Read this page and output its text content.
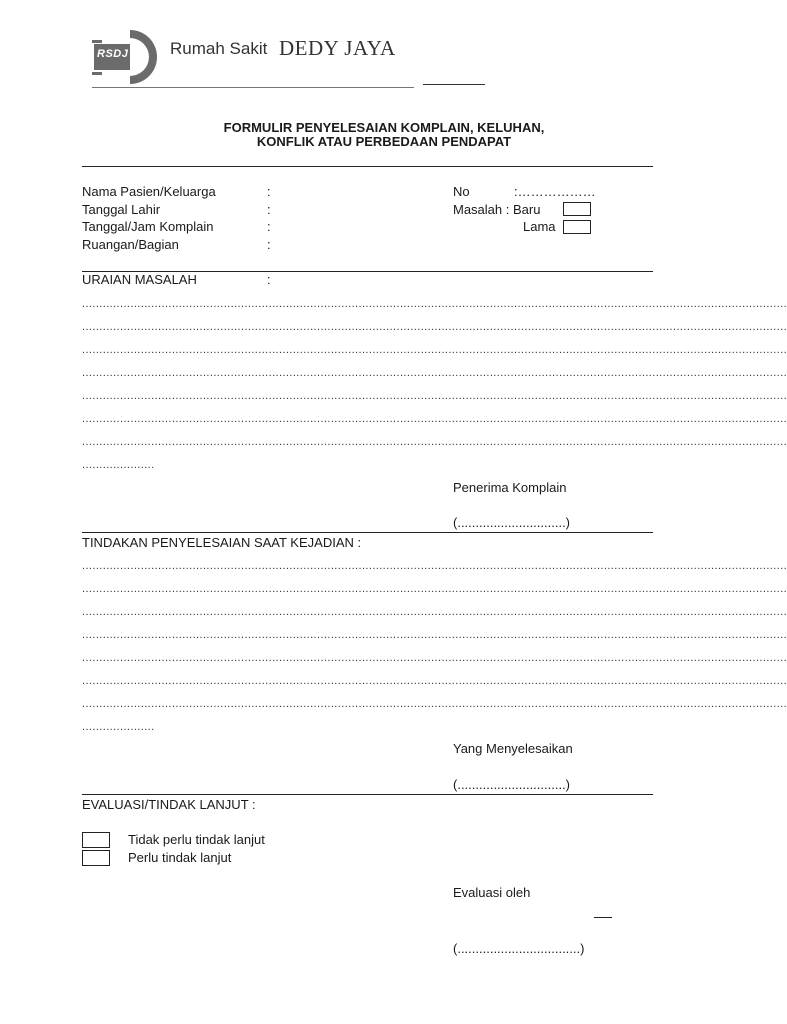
RSDJ Rumah Sakit DEDY JAYA
FORMULIR PENYELESAIAN KOMPLAIN, KELUHAN,
KONFLIK ATAU PERBEDAAN PENDAPAT
Nama Pasien/Keluarga	:
Tanggal Lahir	:
Tanggal/Jam Komplain	:
Ruangan/Bagian	:
No	:………………
Masalah : Baru
Lama
URAIAN MASALAH	:
............................................................................................................................................................................................................
............................................................................................................................................................................................................
............................................................................................................................................................................................................
............................................................................................................................................................................................................
............................................................................................................................................................................................................
............................................................................................................................................................................................................
............................................................................................................................................................................................................
.....................
Penerima Komplain
(..............................)
TINDAKAN PENYELESAIAN SAAT KEJADIAN :
............................................................................................................................................................................................................
............................................................................................................................................................................................................
............................................................................................................................................................................................................
............................................................................................................................................................................................................
............................................................................................................................................................................................................
............................................................................................................................................................................................................
............................................................................................................................................................................................................
.....................
Yang Menyelesaikan
(..............................)
EVALUASI/TINDAK LANJUT :
Tidak perlu tindak lanjut
Perlu tindak lanjut
Evaluasi oleh
(..................................)
